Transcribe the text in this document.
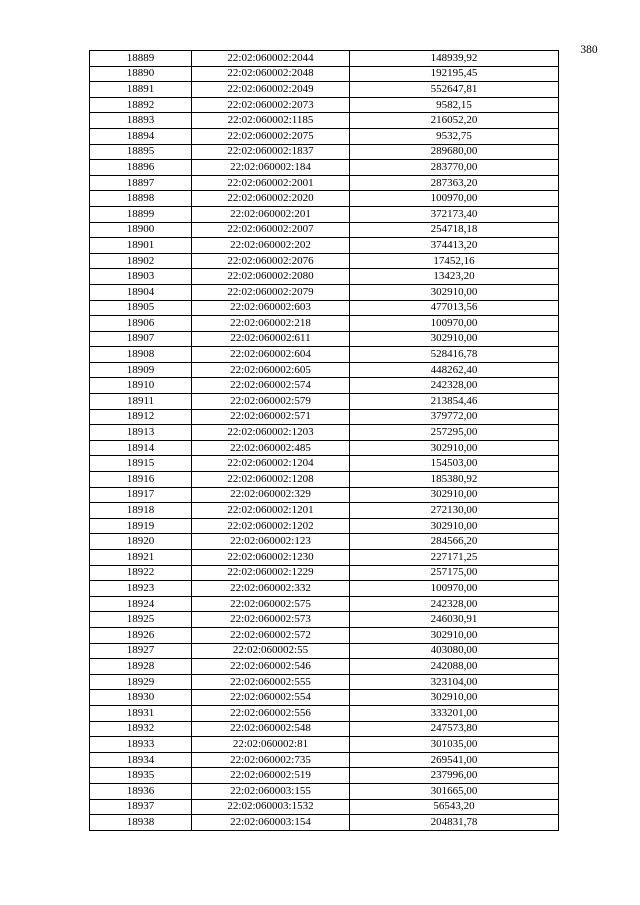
380
18889	22:02:060002:2044	148939,92
18890	22:02:060002:2048	192195,45
18891	22:02:060002:2049	552647,81
18892	22:02:060002:2073	9582,15
18893	22:02:060002:1185	216052,20
18894	22:02:060002:2075	9532,75
18895	22:02:060002:1837	289680,00
18896	22:02:060002:184	283770,00
18897	22:02:060002:2001	287363,20
18898	22:02:060002:2020	100970,00
18899	22:02:060002:201	372173,40
18900	22:02:060002:2007	254718,18
18901	22:02:060002:202	374413,20
18902	22:02:060002:2076	17452,16
18903	22:02:060002:2080	13423,20
18904	22:02:060002:2079	302910,00
18905	22:02:060002:603	477013,56
18906	22:02:060002:218	100970,00
18907	22:02:060002:611	302910,00
18908	22:02:060002:604	528416,78
18909	22:02:060002:605	448262,40
18910	22:02:060002:574	242328,00
18911	22:02:060002:579	213854,46
18912	22:02:060002:571	379772,00
18913	22:02:060002:1203	257295,00
18914	22:02:060002:485	302910,00
18915	22:02:060002:1204	154503,00
18916	22:02:060002:1208	185380,92
18917	22:02:060002:329	302910,00
18918	22:02:060002:1201	272130,00
18919	22:02:060002:1202	302910,00
18920	22:02:060002:123	284566,20
18921	22:02:060002:1230	227171,25
18922	22:02:060002:1229	257175,00
18923	22:02:060002:332	100970,00
18924	22:02:060002:575	242328,00
18925	22:02:060002:573	246030,91
18926	22:02:060002:572	302910,00
18927	22:02:060002:55	403080,00
18928	22:02:060002:546	242088,00
18929	22:02:060002:555	323104,00
18930	22:02:060002:554	302910,00
18931	22:02:060002:556	333201,00
18932	22:02:060002:548	247573,80
18933	22:02:060002:81	301035,00
18934	22:02:060002:735	269541,00
18935	22:02:060002:519	237996,00
18936	22:02:060003:155	301665,00
18937	22:02:060003:1532	56543,20
18938	22:02:060003:154	204831,78
